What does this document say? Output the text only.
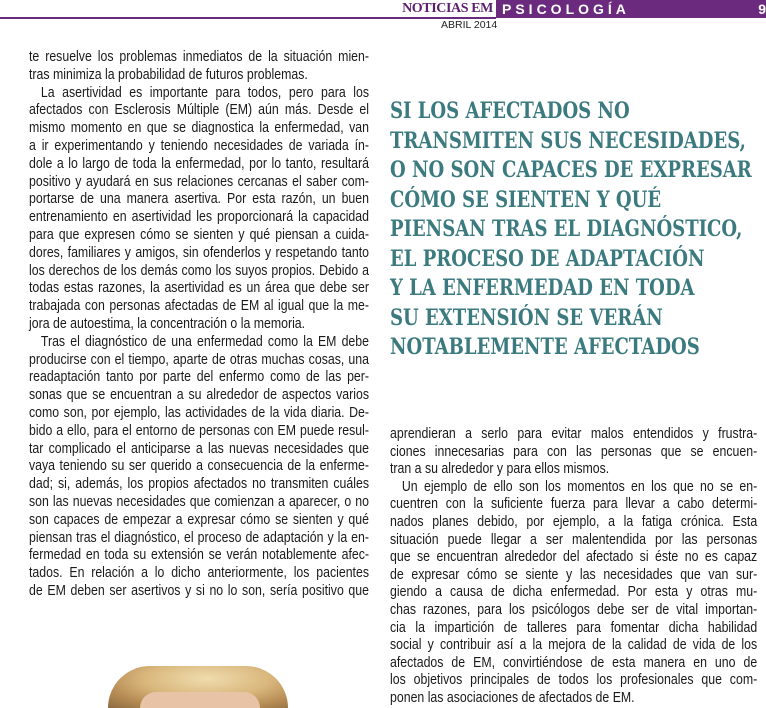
NOTICIAS EM PSICOLOGÍA	9
ABRIL 2014
te resuelve los problemas inmediatos de la situación mien-
tras minimiza la probabilidad de futuros problemas.
La asertividad es importante para todos, pero para los
afectados con Esclerosis Múltiple (EM) aún más. Desde el
mismo momento en que se diagnostica la enfermedad, van
a ir experimentando y teniendo necesidades de variada ín-
dole a lo largo de toda la enfermedad, por lo tanto, resultará
positivo y ayudará en sus relaciones cercanas el saber com-
portarse de una manera asertiva. Por esta razón, un buen
entrenamiento en asertividad les proporcionará la capacidad
para que expresen cómo se sienten y qué piensan a cuida-
dores, familiares y amigos, sin ofenderlos y respetando tanto
los derechos de los demás como los suyos propios. Debido a
todas estas razones, la asertividad es un área que debe ser
trabajada con personas afectadas de EM al igual que la me-
jora de autoestima, la concentración o la memoria.
Tras el diagnóstico de una enfermedad como la EM debe
producirse con el tiempo, aparte de otras muchas cosas, una
readaptación tanto por parte del enfermo como de las per-
sonas que se encuentran a su alrededor de aspectos varios
como son, por ejemplo, las actividades de la vida diaria. De-
bido a ello, para el entorno de personas con EM puede resul-
tar complicado el anticiparse a las nuevas necesidades que
vaya teniendo su ser querido a consecuencia de la enferme-
dad; si, además, los propios afectados no transmiten cuáles
son las nuevas necesidades que comienzan a aparecer, o no
son capaces de empezar a expresar cómo se sienten y qué
piensan tras el diagnóstico, el proceso de adaptación y la en-
fermedad en toda su extensión se verán notablemente afec-
tados. En relación a lo dicho anteriormente, los pacientes
de EM deben ser asertivos y si no lo son, sería positivo que
SI LOS AFECTADOS NO
TRANSMITEN SUS NECESIDADES,
O NO SON CAPACES DE EXPRESAR
CÓMO SE SIENTEN Y QUÉ
PIENSAN TRAS EL DIAGNÓSTICO,
EL PROCESO DE ADAPTACIÓN
Y LA ENFERMEDAD EN TODA
SU EXTENSIÓN SE VERÁN
NOTABLEMENTE AFECTADOS
aprendieran a serlo para evitar malos entendidos y frustra-
ciones innecesarias para con las personas que se encuen-
tran a su alrededor y para ellos mismos.
Un ejemplo de ello son los momentos en los que no se en-
cuentren con la suficiente fuerza para llevar a cabo determi-
nados planes debido, por ejemplo, a la fatiga crónica. Esta
situación puede llegar a ser malentendida por las personas
que se encuentran alrededor del afectado si éste no es capaz
de expresar cómo se siente y las necesidades que van sur-
giendo a causa de dicha enfermedad. Por esta y otras mu-
chas razones, para los psicólogos debe ser de vital importan-
cia la impartición de talleres para fomentar dicha habilidad
social y contribuir así a la mejora de la calidad de vida de los
afectados de EM, convirtiéndose de esta manera en uno de
los objetivos principales de todos los profesionales que com-
ponen las asociaciones de afectados de EM.
